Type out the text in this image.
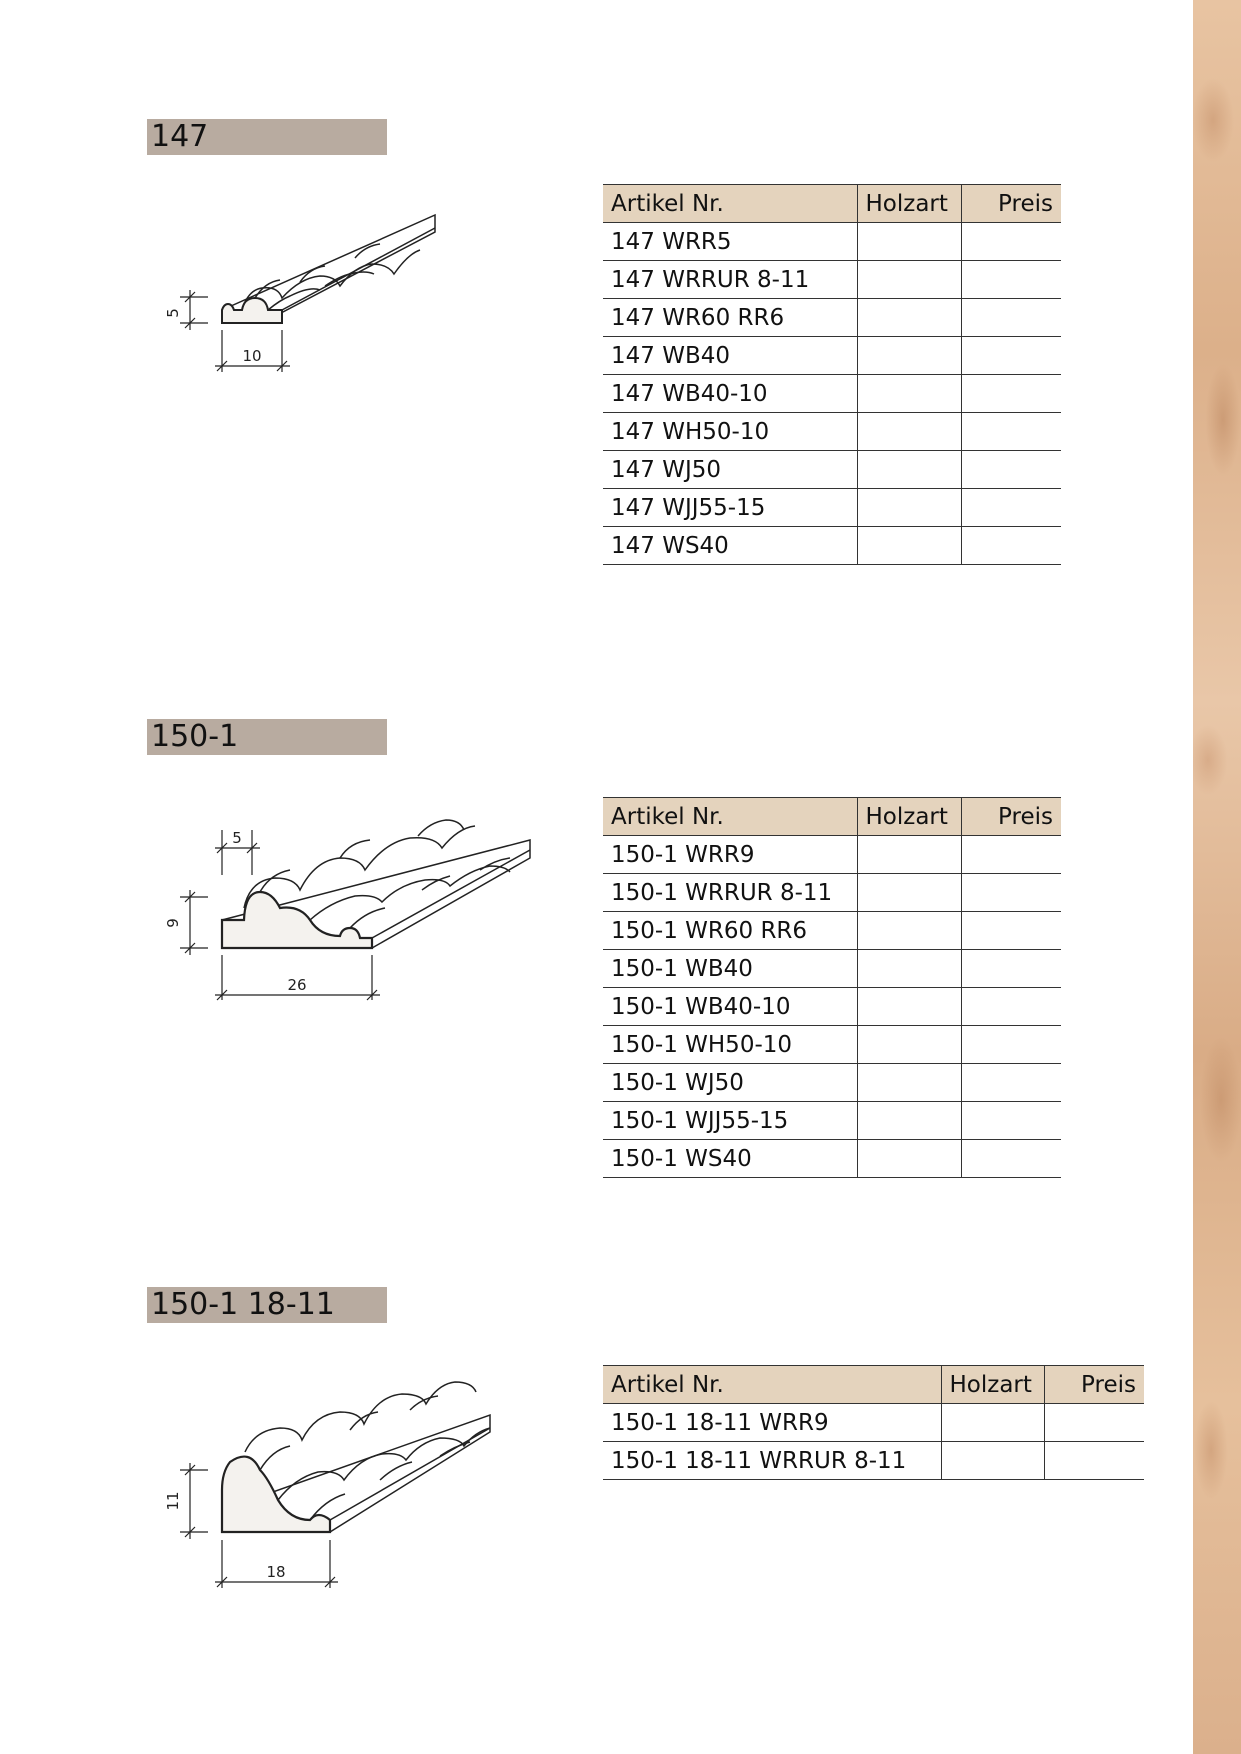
147
5
10
Artikel Nr.	Holzart	Preis
147 WRR5		
147 WRRUR 8-11		
147 WR60 RR6		
147 WB40		
147 WB40-10		
147 WH50-10		
147 WJ50		
147 WJJ55-15		
147 WS40		
150-1
5
9
26
Artikel Nr.	Holzart	Preis
150-1 WRR9		
150-1 WRRUR 8-11		
150-1 WR60 RR6		
150-1 WB40		
150-1 WB40-10		
150-1 WH50-10		
150-1 WJ50		
150-1 WJJ55-15		
150-1 WS40		
150-1 18-11
11
18
Artikel Nr.	Holzart	Preis
150-1 18-11 WRR9		
150-1 18-11 WRRUR 8-11		
